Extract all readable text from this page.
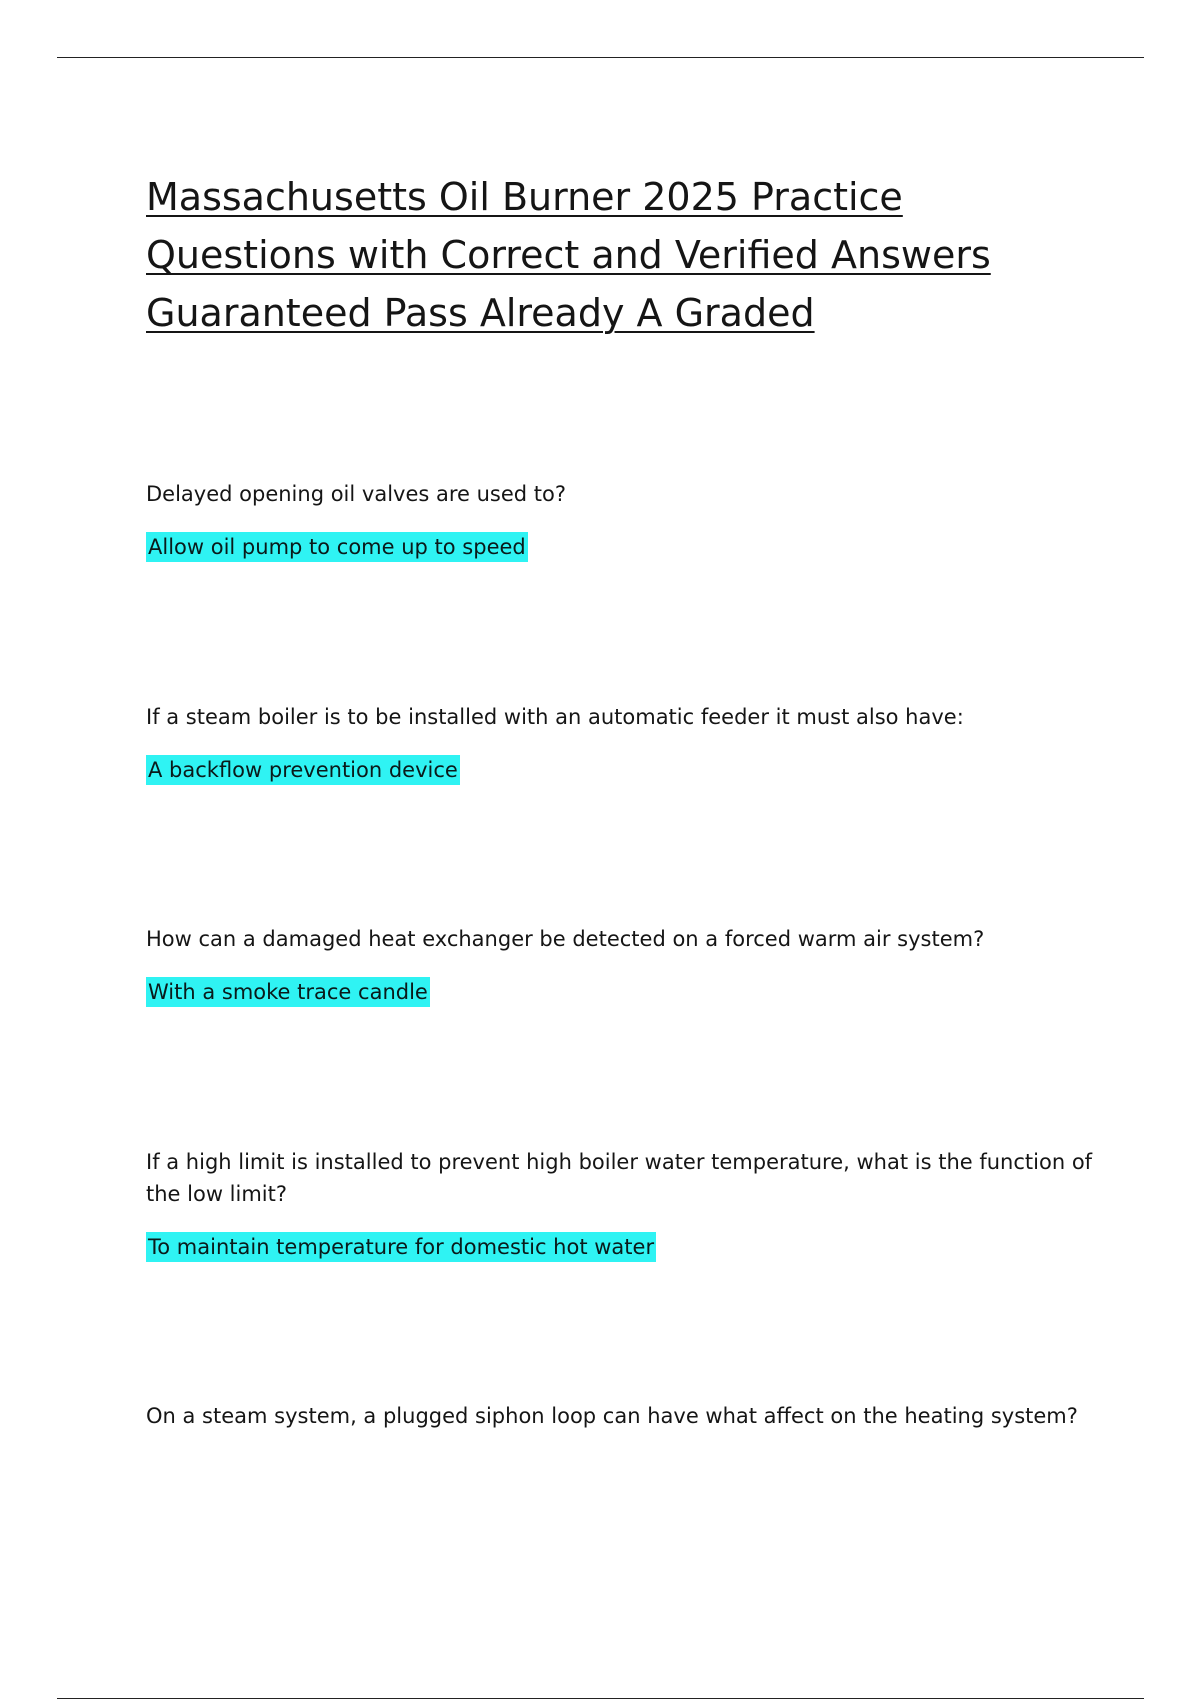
Massachusetts Oil Burner 2025 Practice
Questions with Correct and Verified Answers
Guaranteed Pass Already A Graded

Delayed opening oil valves are used to?

Allow oil pump to come up to speed

If a steam boiler is to be installed with an automatic feeder it must also have:

A backflow prevention device

How can a damaged heat exchanger be detected on a forced warm air system?

With a smoke trace candle

If a high limit is installed to prevent high boiler water temperature, what is the function of the low limit?

To maintain temperature for domestic hot water

On a steam system, a plugged siphon loop can have what affect on the heating system?
